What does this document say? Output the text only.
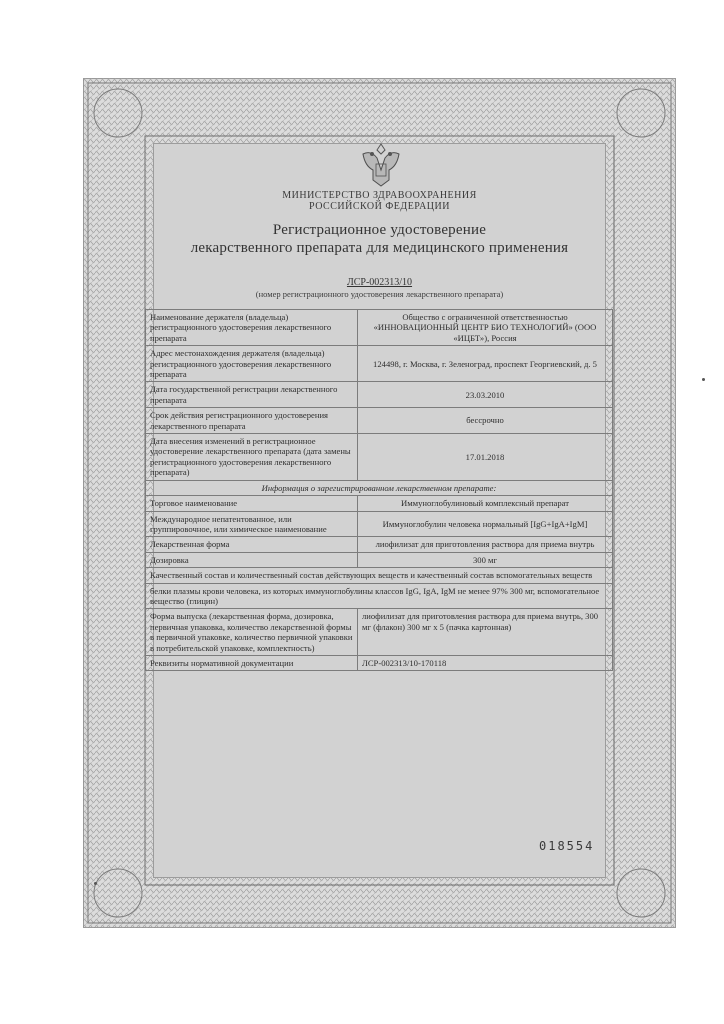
МИНИСТЕРСТВО ЗДРАВООХРАНЕНИЯ
РОССИЙСКОЙ ФЕДЕРАЦИИ
Регистрационное удостоверение
лекарственного препарата для медицинского применения
ЛСР-002313/10
(номер регистрационного удостоверения лекарственного препарата)
Наименование держателя (владельца) регистрационного удостоверения лекарственного препарата	Общество с ограниченной ответственностью «ИННОВАЦИОННЫЙ ЦЕНТР БИО ТЕХНОЛОГИЙ» (ООО «ИЦБТ»), Россия
Адрес местонахождения держателя (владельца) регистрационного удостоверения лекарственного препарата	124498, г. Москва, г. Зеленоград, проспект Георгиевский, д. 5
Дата государственной регистрации лекарственного препарата	23.03.2010
Срок действия регистрационного удостоверения лекарственного препарата	бессрочно
Дата внесения изменений в регистрационное удостоверение лекарственного препарата (дата замены регистрационного удостоверения лекарственного препарата)	17.01.2018
Информация о зарегистрированном лекарственном препарате:	
Торговое наименование	Иммуноглобулиновый комплексный препарат
Международное непатентованное, или группировочное, или химическое наименование	Иммуноглобулин человека нормальный [IgG+IgA+IgM]
Лекарственная форма	лиофилизат для приготовления раствора для приема внутрь
Дозировка	300 мг
Качественный состав и количественный состав действующих веществ и качественный состав вспомогательных веществ	
белки плазмы крови человека, из которых иммуноглобулины классов IgG, IgA, IgM не менее 97% 300 мг, вспомогательное вещество (глицин)	
Форма выпуска (лекарственная форма, дозировка, первичная упаковка, количество лекарственной формы в первичной упаковке, количество первичной упаковки в потребительской упаковке, комплектность)	лиофилизат для приготовления раствора для приема внутрь, 300 мг (флакон) 300 мг х 5 (пачка картонная)
Реквизиты нормативной документации	ЛСР-002313/10-170118
018554
